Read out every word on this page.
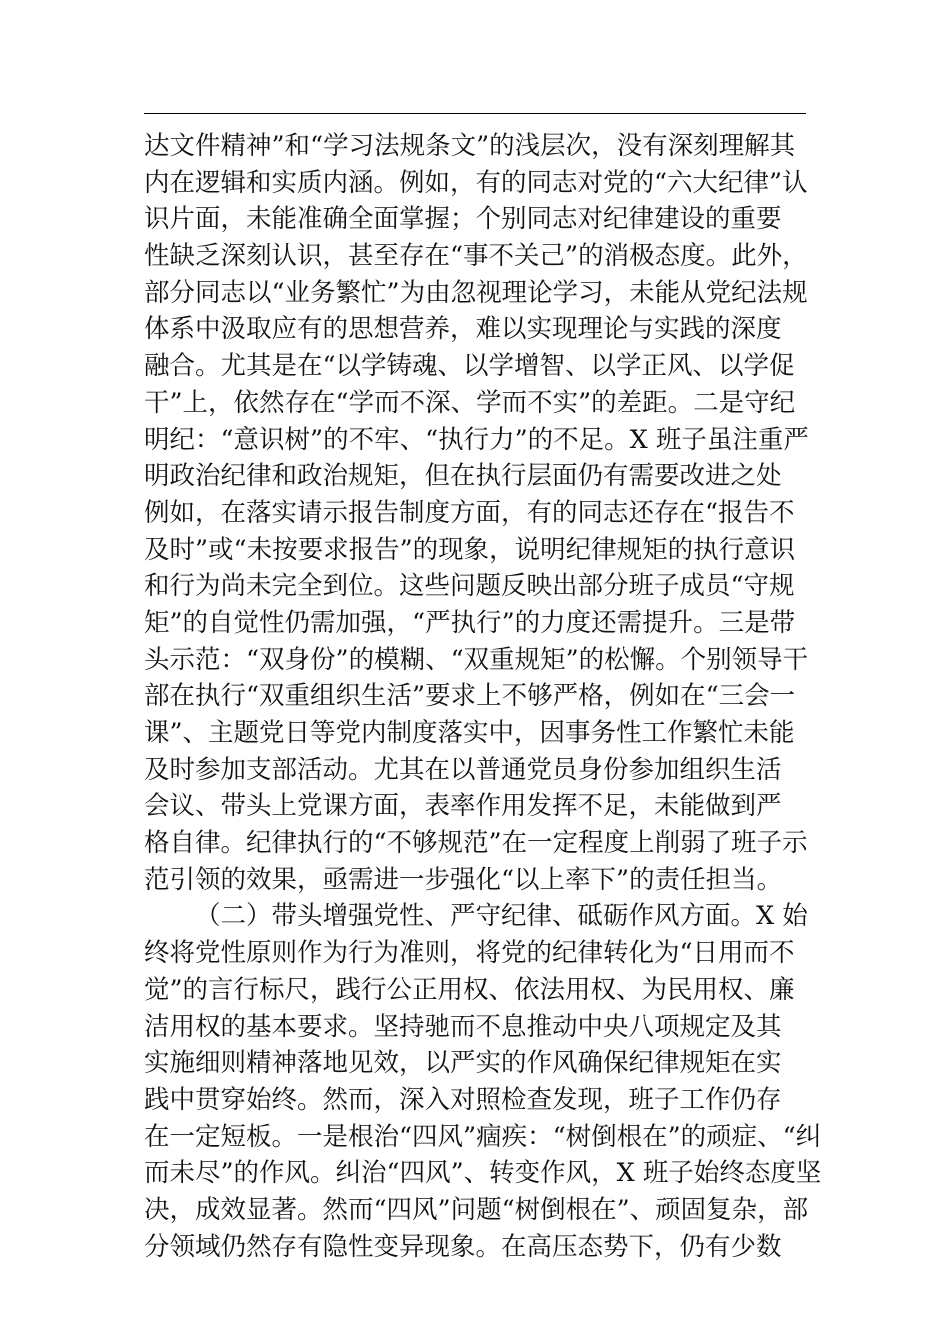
达文件精神”和“学习法规条文”的浅层次，没有深刻理解其
内在逻辑和实质内涵。例如，有的同志对党的“六大纪律”认
识片面，未能准确全面掌握；个别同志对纪律建设的重要
性缺乏深刻认识，甚至存在“事不关己”的消极态度。此外，
部分同志以“业务繁忙”为由忽视理论学习，未能从党纪法规
体系中汲取应有的思想营养，难以实现理论与实践的深度
融合。尤其是在“以学铸魂、以学增智、以学正风、以学促
干”上，依然存在“学而不深、学而不实”的差距。二是守纪
明纪：“意识树”的不牢、“执行力”的不足。X 班子虽注重严
明政治纪律和政治规矩，但在执行层面仍有需要改进之处
例如，在落实请示报告制度方面，有的同志还存在“报告不
及时”或“未按要求报告”的现象，说明纪律规矩的执行意识
和行为尚未完全到位。这些问题反映出部分班子成员“守规
矩”的自觉性仍需加强，“严执行”的力度还需提升。三是带
头示范：“双身份”的模糊、“双重规矩”的松懈。个别领导干
部在执行“双重组织生活”要求上不够严格，例如在“三会一
课”、主题党日等党内制度落实中，因事务性工作繁忙未能
及时参加支部活动。尤其在以普通党员身份参加组织生活
会议、带头上党课方面，表率作用发挥不足，未能做到严
格自律。纪律执行的“不够规范”在一定程度上削弱了班子示
范引领的效果，亟需进一步强化“以上率下”的责任担当。
（二）带头增强党性、严守纪律、砥砺作风方面。X 始
终将党性原则作为行为准则，将党的纪律转化为“日用而不
觉”的言行标尺，践行公正用权、依法用权、为民用权、廉
洁用权的基本要求。坚持驰而不息推动中央八项规定及其
实施细则精神落地见效，以严实的作风确保纪律规矩在实
践中贯穿始终。然而，深入对照检查发现，班子工作仍存
在一定短板。一是根治“四风”痼疾：“树倒根在”的顽症、“纠
而未尽”的作风。纠治“四风”、转变作风，X 班子始终态度坚
决，成效显著。然而“四风”问题“树倒根在”、顽固复杂，部
分领域仍然存有隐性变异现象。在高压态势下，仍有少数
